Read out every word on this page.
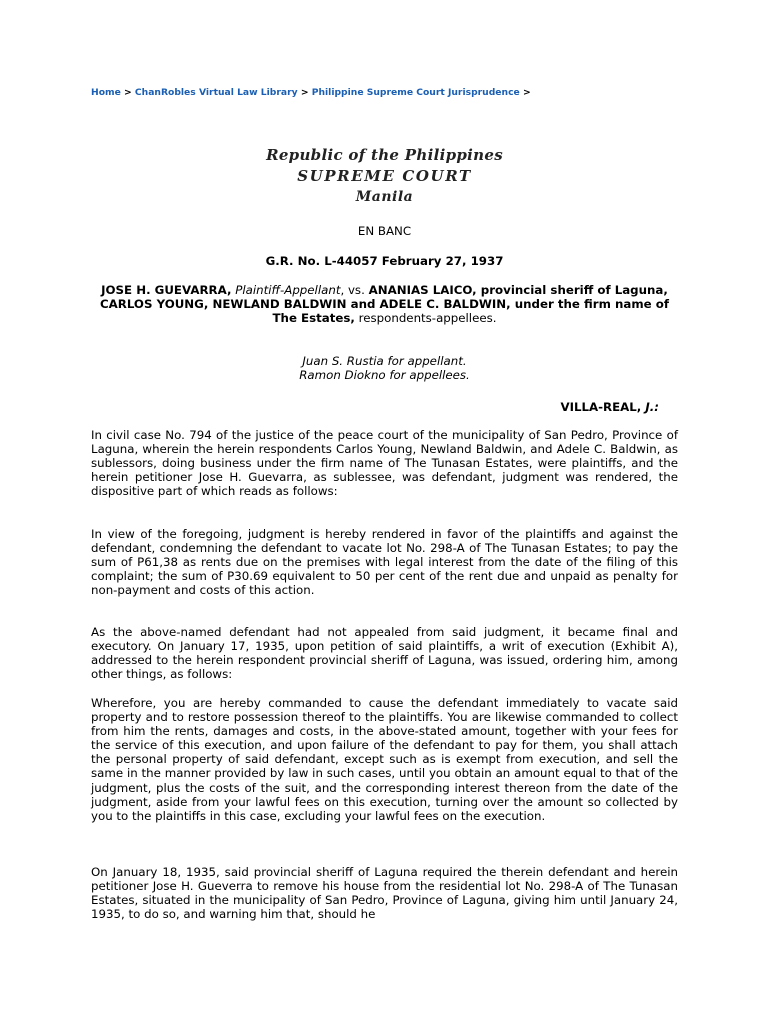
Home > ChanRobles Virtual Law Library > Philippine Supreme Court Jurisprudence >
Republic of the Philippines
SUPREME COURT
Manila
EN BANC
G.R. No. L-44057 February 27, 1937
JOSE H. GUEVARRA, Plaintiff-Appellant, vs. ANANIAS LAICO, provincial sheriff of Laguna,
CARLOS YOUNG, NEWLAND BALDWIN and ADELE C. BALDWIN, under the firm name of The Estates, respondents-appellees.
Juan S. Rustia for appellant.
Ramon Diokno for appellees.
VILLA-REAL, J.:

In civil case No. 794 of the justice of the peace court of the municipality of San Pedro, Province of Laguna, wherein the herein respondents Carlos Young, Newland Baldwin, and Adele C. Baldwin, as sublessors, doing business under the firm name of The Tunasan Estates, were plaintiffs, and the herein petitioner Jose H. Guevarra, as sublessee, was defendant, judgment was rendered, the dispositive part of which reads as follows:

In view of the foregoing, judgment is hereby rendered in favor of the plaintiffs and against the defendant, condemning the defendant to vacate lot No. 298-A of The Tunasan Estates; to pay the sum of P61,38 as rents due on the premises with legal interest from the date of the filing of this complaint; the sum of P30.69 equivalent to 50 per cent of the rent due and unpaid as penalty for non-payment and costs of this action.

As the above-named defendant had not appealed from said judgment, it became final and executory. On January 17, 1935, upon petition of said plaintiffs, a writ of execution (Exhibit A), addressed to the herein respondent provincial sheriff of Laguna, was issued, ordering him, among other things, as follows:

Wherefore, you are hereby commanded to cause the defendant immediately to vacate said property and to restore possession thereof to the plaintiffs. You are likewise commanded to collect from him the rents, damages and costs, in the above-stated amount, together with your fees for the service of this execution, and upon failure of the defendant to pay for them, you shall attach the personal property of said defendant, except such as is exempt from execution, and sell the same in the manner provided by law in such cases, until you obtain an amount equal to that of the judgment, plus the costs of the suit, and the corresponding interest thereon from the date of the judgment, aside from your lawful fees on this execution, turning over the amount so collected by you to the plaintiffs in this case, excluding your lawful fees on the execution.

On January 18, 1935, said provincial sheriff of Laguna required the therein defendant and herein petitioner Jose H. Gueverra to remove his house from the residential lot No. 298-A of The Tunasan Estates, situated in the municipality of San Pedro, Province of Laguna, giving him until January 24, 1935, to do so, and warning him that, should he
